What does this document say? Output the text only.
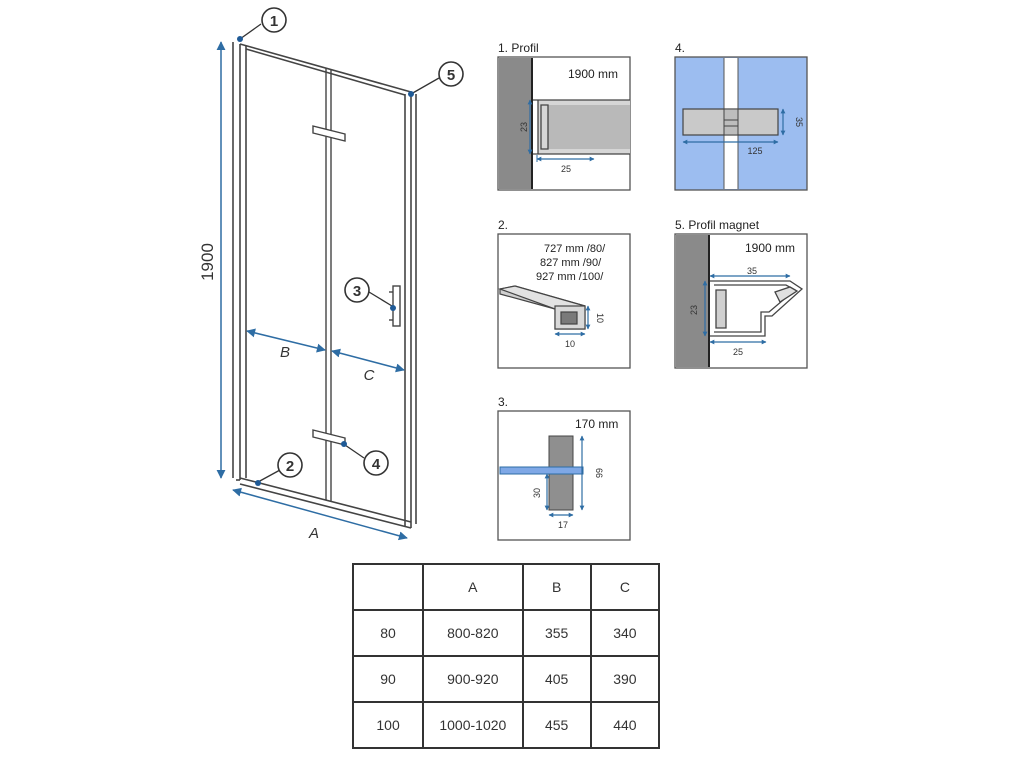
1900
B
C
A
1
5
3
4
2
1. Profil
1900 mm
23
25
4.
35
125
2.
727 mm /80/
827 mm /90/
927 mm /100/
10
10
5. Profil magnet
1900 mm
35
23
25
3.
170 mm
66
30
17
	A	B	C
80	800-820	355	340
90	900-920	405	390
100	1000-1020	455	440
